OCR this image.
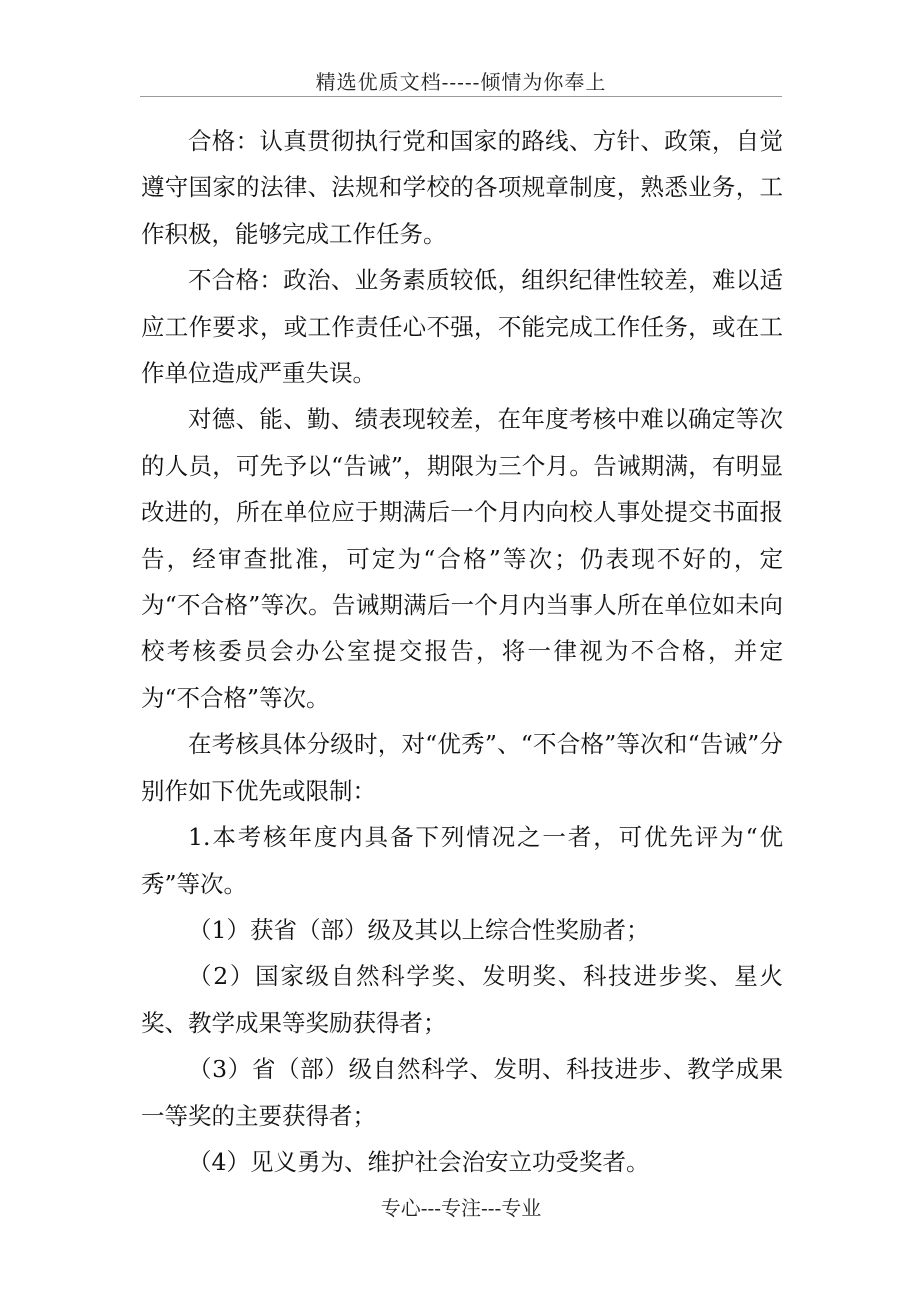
精选优质文档-----倾情为你奉上

合格：认真贯彻执行党和国家的路线、方针、政策，自觉遵守国家的法律、法规和学校的各项规章制度，熟悉业务，工作积极，能够完成工作任务。

不合格：政治、业务素质较低，组织纪律性较差，难以适应工作要求，或工作责任心不强，不能完成工作任务，或在工作单位造成严重失误。

对德、能、勤、绩表现较差，在年度考核中难以确定等次的人员，可先予以“告诫”，期限为三个月。告诫期满，有明显改进的，所在单位应于期满后一个月内向校人事处提交书面报告，经审查批准，可定为“合格”等次；仍表现不好的，定为“不合格”等次。告诫期满后一个月内当事人所在单位如未向校考核委员会办公室提交报告，将一律视为不合格，并定为“不合格”等次。

在考核具体分级时，对“优秀”、“不合格”等次和“告诫”分别作如下优先或限制：

1.本考核年度内具备下列情况之一者，可优先评为“优秀”等次。

（1）获省（部）级及其以上综合性奖励者；

（2）国家级自然科学奖、发明奖、科技进步奖、星火奖、教学成果等奖励获得者；

（3）省（部）级自然科学、发明、科技进步、教学成果一等奖的主要获得者；

（4）见义勇为、维护社会治安立功受奖者。

专心---专注---专业
